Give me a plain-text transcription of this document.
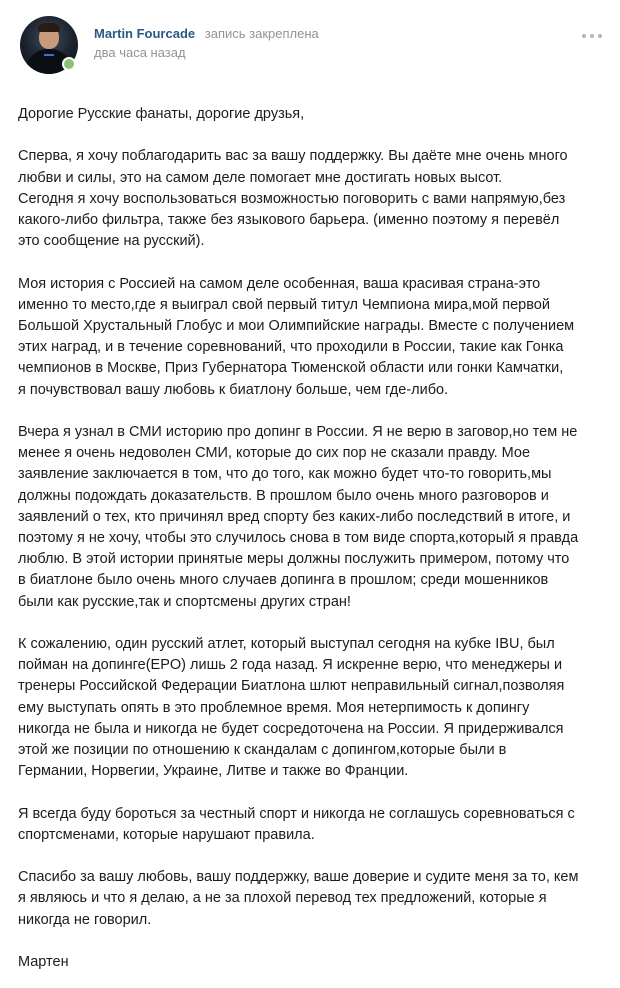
Martin Fourcade запись закреплена
два часа назад

Дорогие Русские фанаты, дорогие друзья,

Сперва, я хочу поблагодарить вас за вашу поддержку. Вы даёте мне очень много
любви и силы, это на самом деле помогает мне достигать новых высот.
Сегодня я хочу воспользоваться возможностью поговорить с вами напрямую,без
какого-либо фильтра, также без языкового барьера. (именно поэтому я перевёл
это сообщение на русский).

Моя история с Россией на самом деле особенная, ваша красивая страна-это
именно то место,где я выиграл свой первый титул Чемпиона мира,мой первой
Большой Хрустальный Глобус и мои Олимпийские награды. Вместе с получением
этих наград, и в течение соревнований, что проходили в России, такие как Гонка
чемпионов в Москве, Приз Губернатора Тюменской области или гонки Камчатки,
я почувствовал вашу любовь к биатлону больше, чем где-либо.

Вчера я узнал в СМИ историю про допинг в России. Я не верю в заговор,но тем не
менее я очень недоволен СМИ, которые до сих пор не сказали правду. Мое
заявление заключается в том, что до того, как можно будет что-то говорить,мы
должны подождать доказательств. В прошлом было очень много разговоров и
заявлений о тех, кто причинял вред спорту без каких-либо последствий в итоге, и
поэтому я не хочу, чтобы это случилось снова в том виде спорта,который я правда
люблю. В этой истории принятые меры должны послужить примером, потому что
в биатлоне было очень много случаев допинга в прошлом; среди мошенников
были как русские,так и спортсмены других стран!

К сожалению, один русский атлет, который выступал сегодня на кубке IBU, был
пойман на допинге(EPO) лишь 2 года назад. Я искренне верю, что менеджеры и
тренеры Российской Федерации Биатлона шлют неправильный сигнал,позволяя
ему выступать опять в это проблемное время. Моя нетерпимость к допингу
никогда не была и никогда не будет сосредоточена на России. Я придерживался
этой же позиции по отношению к скандалам с допингом,которые были в
Германии, Норвегии, Украине, Литве и также во Франции.

Я всегда буду бороться за честный спорт и никогда не соглашусь соревноваться с
спортсменами, которые нарушают правила.

Спасибо за вашу любовь, вашу поддержку, ваше доверие и судите меня за то, кем
я являюсь и что я делаю, а не за плохой перевод тех предложений, которые я
никогда не говорил.

Мартен
